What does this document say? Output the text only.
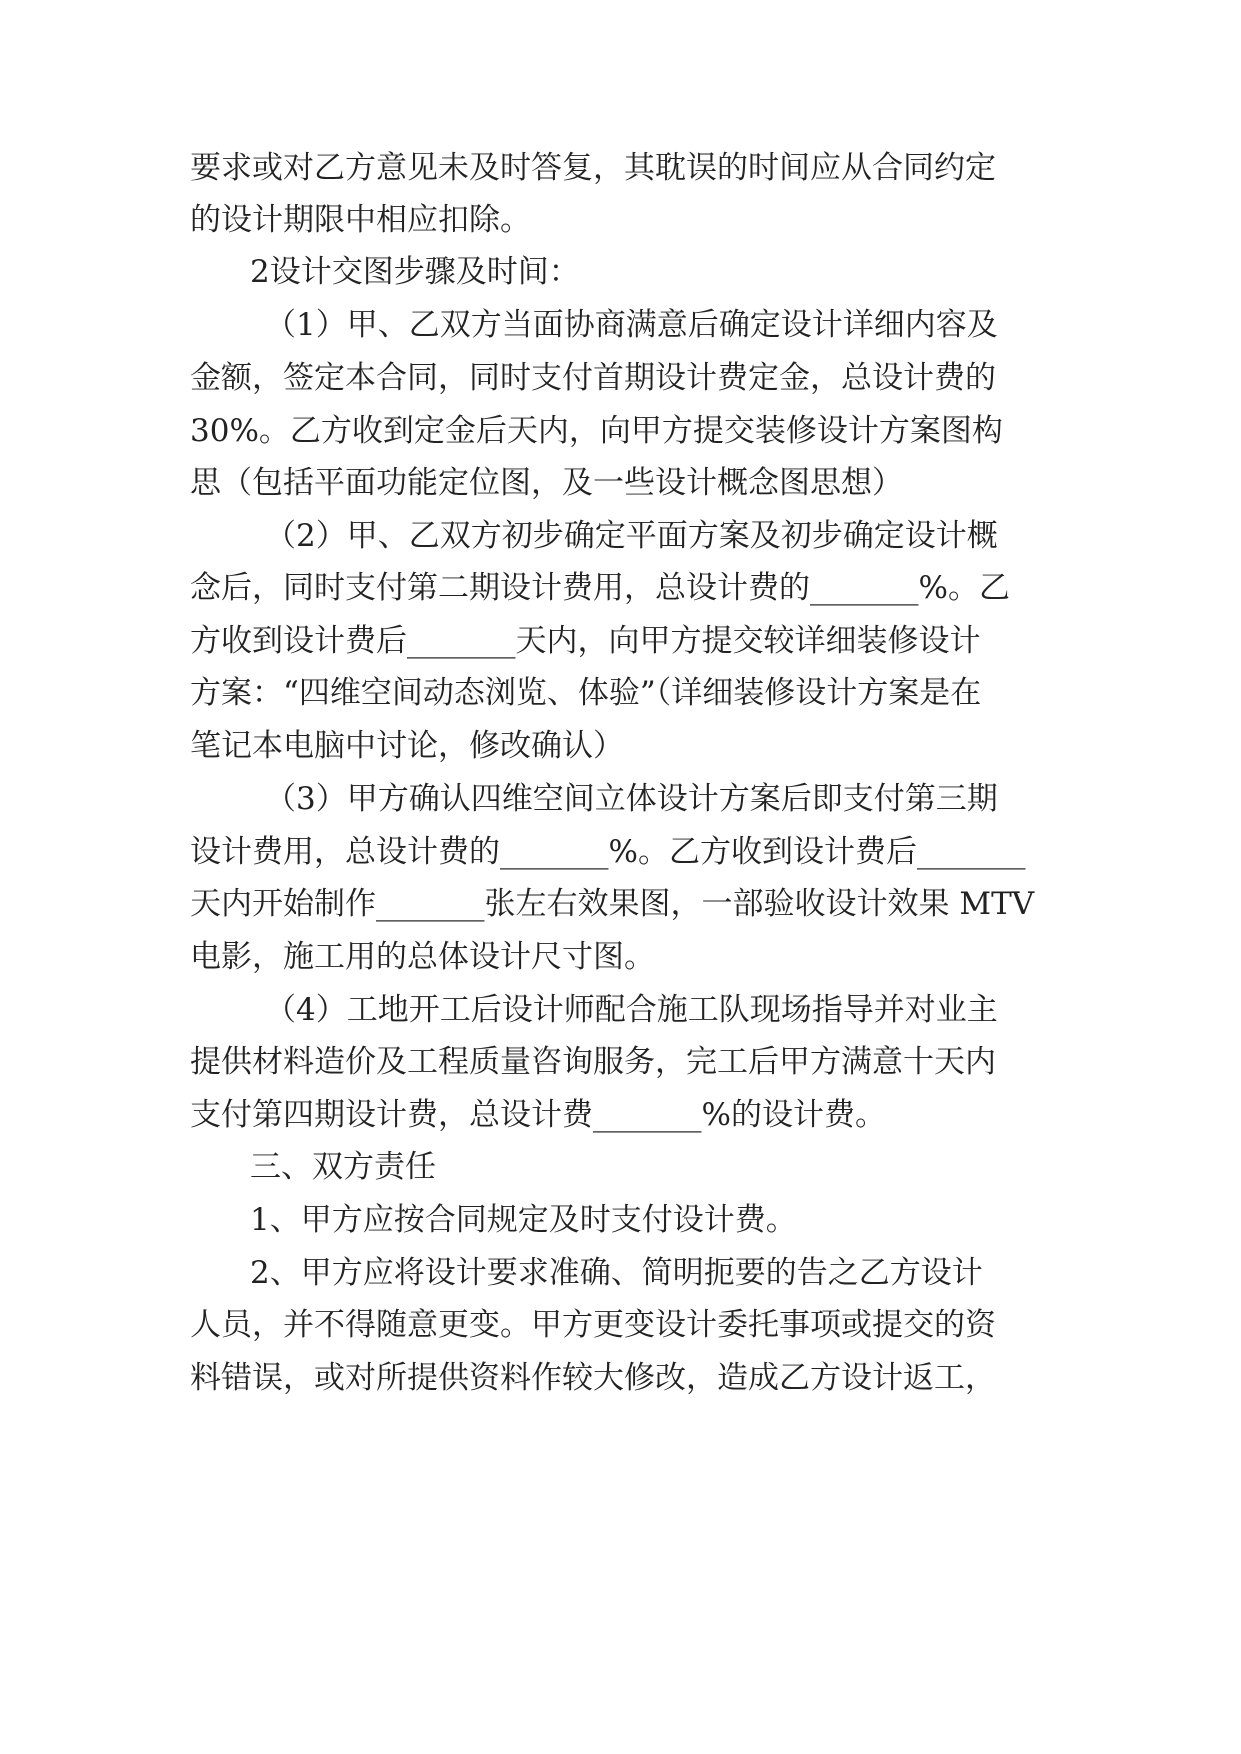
要求或对乙方意见未及时答复，其耽误的时间应从合同约定
的设计期限中相应扣除。
2设计交图步骤及时间：
（1）甲、乙双方当面协商满意后确定设计详细内容及
金额，签定本合同，同时支付首期设计费定金，总设计费的
30%。乙方收到定金后天内，向甲方提交装修设计方案图构
思（包括平面功能定位图，及一些设计概念图思想）
（2）甲、乙双方初步确定平面方案及初步确定设计概
念后，同时支付第二期设计费用，总设计费的_______%。乙
方收到设计费后_______天内，向甲方提交较详细装修设计
方案：“四维空间动态浏览、体验”（详细装修设计方案是在
笔记本电脑中讨论，修改确认）
（3）甲方确认四维空间立体设计方案后即支付第三期
设计费用，总设计费的_______%。乙方收到设计费后_______
天内开始制作_______张左右效果图，一部验收设计效果 MTV
电影，施工用的总体设计尺寸图。
（4）工地开工后设计师配合施工队现场指导并对业主
提供材料造价及工程质量咨询服务，完工后甲方满意十天内
支付第四期设计费，总设计费_______%的设计费。
三、双方责任
1、甲方应按合同规定及时支付设计费。
2、甲方应将设计要求准确、简明扼要的告之乙方设计
人员，并不得随意更变。甲方更变设计委托事项或提交的资
料错误，或对所提供资料作较大修改，造成乙方设计返工，
